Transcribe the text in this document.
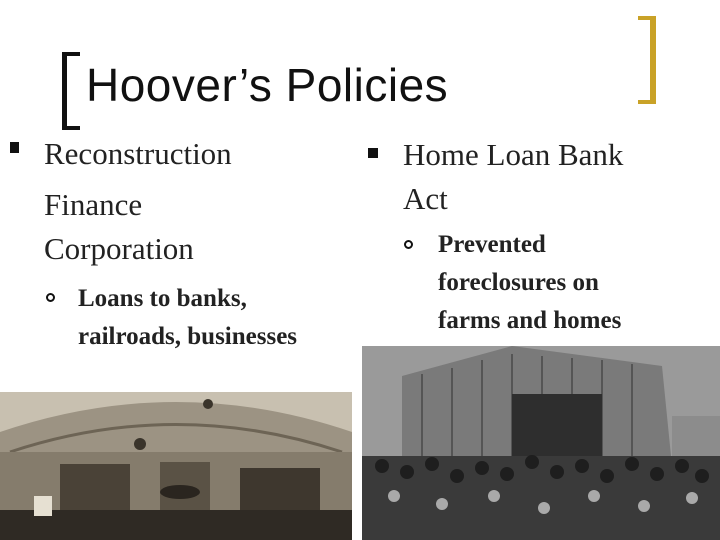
Hoover’s Policies
Reconstruction
Finance
Corporation
Loans to banks,
railroads, businesses
Home Loan Bank
Act
Prevented
foreclosures on
farms and homes
